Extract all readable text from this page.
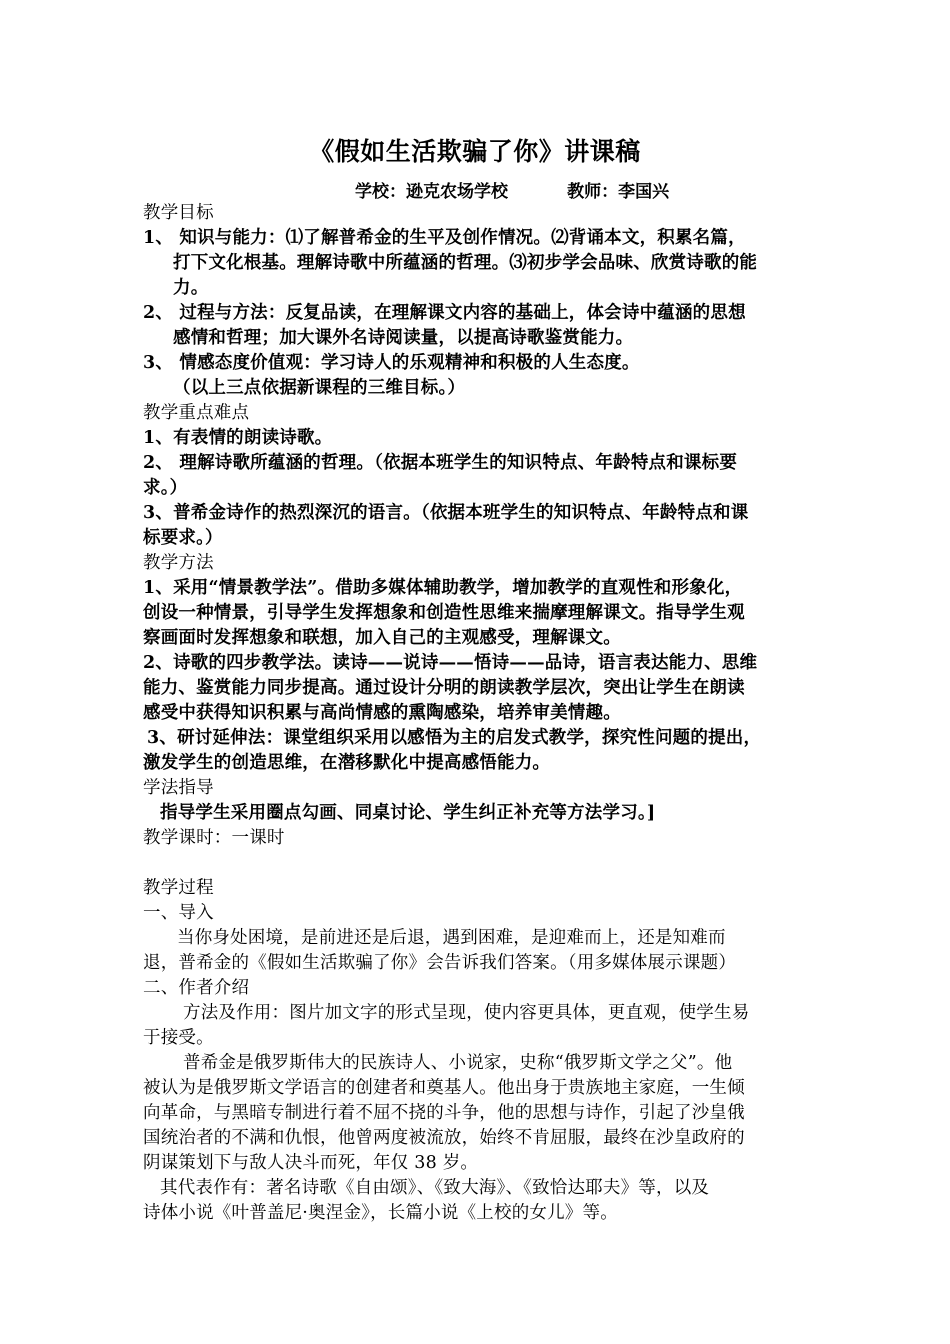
《假如生活欺骗了你》讲课稿
学校：逊克农场学校          教师：李国兴
教学目标
1、 知识与能力：⑴了解普希金的生平及创作情况。⑵背诵本文，积累名篇，
打下文化根基。理解诗歌中所蕴涵的哲理。⑶初步学会品味、欣赏诗歌的能
力。
2、 过程与方法：反复品读，在理解课文内容的基础上，体会诗中蕴涵的思想
感情和哲理；加大课外名诗阅读量，以提高诗歌鉴赏能力。
3、 情感态度价值观：学习诗人的乐观精神和积极的人生态度。
（以上三点依据新课程的三维目标。）
教学重点难点
1、有表情的朗读诗歌。
2、 理解诗歌所蕴涵的哲理。（依据本班学生的知识特点、年龄特点和课标要
求。）
3、普希金诗作的热烈深沉的语言。（依据本班学生的知识特点、年龄特点和课
标要求。）
教学方法
1、采用“情景教学法”。借助多媒体辅助教学，增加教学的直观性和形象化，
创设一种情景，引导学生发挥想象和创造性思维来揣摩理解课文。指导学生观
察画面时发挥想象和联想，加入自己的主观感受，理解课文。
2、诗歌的四步教学法。读诗——说诗——悟诗——品诗，语言表达能力、思维
能力、鉴赏能力同步提高。通过设计分明的朗读教学层次，突出让学生在朗读
感受中获得知识积累与高尚情感的熏陶感染，培养审美情趣。
3、研讨延伸法：课堂组织采用以感悟为主的启发式教学，探究性问题的提出，
激发学生的创造思维，在潜移默化中提高感悟能力。
学法指导
指导学生采用圈点勾画、同桌讨论、学生纠正补充等方法学习。]
教学课时：一课时
教学过程
一、导入
当你身处困境，是前进还是后退，遇到困难，是迎难而上，还是知难而
退，普希金的《假如生活欺骗了你》会告诉我们答案。（用多媒体展示课题）
二、作者介绍
方法及作用：图片加文字的形式呈现，使内容更具体，更直观，使学生易
于接受。
普希金是俄罗斯伟大的民族诗人、小说家，史称“俄罗斯文学之父”。他
被认为是俄罗斯文学语言的创建者和奠基人。他出身于贵族地主家庭，一生倾
向革命，与黑暗专制进行着不屈不挠的斗争，他的思想与诗作，引起了沙皇俄
国统治者的不满和仇恨，他曾两度被流放，始终不肯屈服，最终在沙皇政府的
阴谋策划下与敌人决斗而死，年仅 38 岁。
其代表作有：著名诗歌《自由颂》、《致大海》、《致恰达耶夫》等，以及
诗体小说《叶普盖尼·奥涅金》，长篇小说《上校的女儿》等。
